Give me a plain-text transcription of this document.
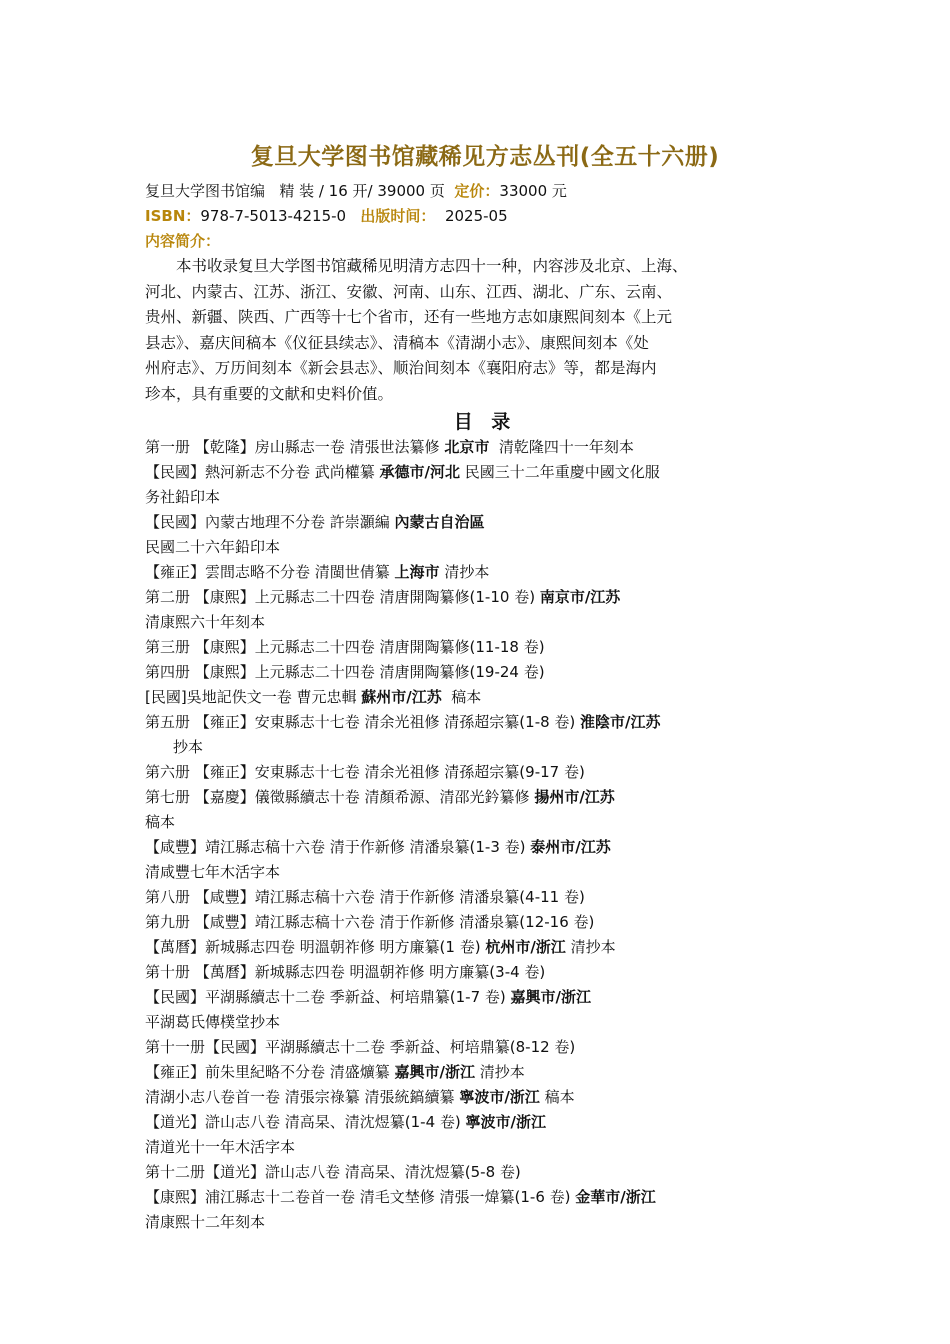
复旦大学图书馆藏稀见方志丛刊(全五十六册)
复旦大学图书馆编 精 装 / 16 开/ 39000 页 定价：33000 元
ISBN：978-7-5013-4215-0 出版时间： 2025-05
内容简介：
本书收录复旦大学图书馆藏稀见明清方志四十一种，内容涉及北京、上海、
河北、内蒙古、江苏、浙江、安徽、河南、山东、江西、湖北、广东、云南、
贵州、新疆、陕西、广西等十七个省市，还有一些地方志如康熙间刻本《上元
县志》、嘉庆间稿本《仪征县续志》、清稿本《清湖小志》、康熙间刻本《处
州府志》、万历间刻本《新会县志》、顺治间刻本《襄阳府志》等，都是海内
珍本，具有重要的文献和史料价值。
目 录
第一册 【乾隆】房山縣志一卷 清張世法纂修 北京市  清乾隆四十一年刻本
【民國】熱河新志不分卷 武尚權纂 承德市/河北 民國三十二年重慶中國文化服
务社鉛印本
【民國】內蒙古地理不分卷 許崇灝編 內蒙古自治區
民國二十六年鉛印本
【雍正】雲間志略不分卷 清閩世倩纂 上海市 清抄本
第二册 【康熙】上元縣志二十四卷 清唐開陶纂修(1-10 卷) 南京市/江苏
清康熙六十年刻本
第三册 【康熙】上元縣志二十四卷 清唐開陶纂修(11-18 卷)
第四册 【康熙】上元縣志二十四卷 清唐開陶纂修(19-24 卷)
[民國]吳地記佚文一卷 曹元忠輯 蘇州市/江苏  稿本
第五册 【雍正】安東縣志十七卷 清余光祖修 清孫超宗纂(1-8 卷) 淮陰市/江苏
抄本
第六册 【雍正】安東縣志十七卷 清余光祖修 清孫超宗纂(9-17 卷)
第七册 【嘉慶】儀徵縣續志十卷 清顏希源、清邵光鈐纂修 揚州市/江苏
稿本
【咸豐】靖江縣志稿十六卷 清于作新修 清潘泉纂(1-3 卷) 泰州市/江苏
清咸豐七年木活字本
第八册 【咸豐】靖江縣志稿十六卷 清于作新修 清潘泉纂(4-11 卷)
第九册 【咸豐】靖江縣志稿十六卷 清于作新修 清潘泉纂(12-16 卷)
【萬曆】新城縣志四卷 明溫朝祚修 明方廉纂(1 卷) 杭州市/浙江 清抄本
第十册 【萬曆】新城縣志四卷 明溫朝祚修 明方廉纂(3-4 卷)
【民國】平湖縣續志十二卷 季新益、柯培鼎纂(1-7 卷) 嘉興市/浙江
平湖葛氏傳樸堂抄本
第十一册【民國】平湖縣續志十二卷 季新益、柯培鼎纂(8-12 卷)
【雍正】前朱里紀略不分卷 清盛爌纂 嘉興市/浙江 清抄本
清湖小志八卷首一卷 清張宗祿纂 清張統鎬續纂 寧波市/浙江 稿本
【道光】滸山志八卷 清高杲、清沈煜纂(1-4 卷) 寧波市/浙江
清道光十一年木活字本
第十二册【道光】滸山志八卷 清高杲、清沈煜纂(5-8 卷)
【康熙】浦江縣志十二卷首一卷 清毛文埜修 清張一煒纂(1-6 卷) 金華市/浙江
清康熙十二年刻本
